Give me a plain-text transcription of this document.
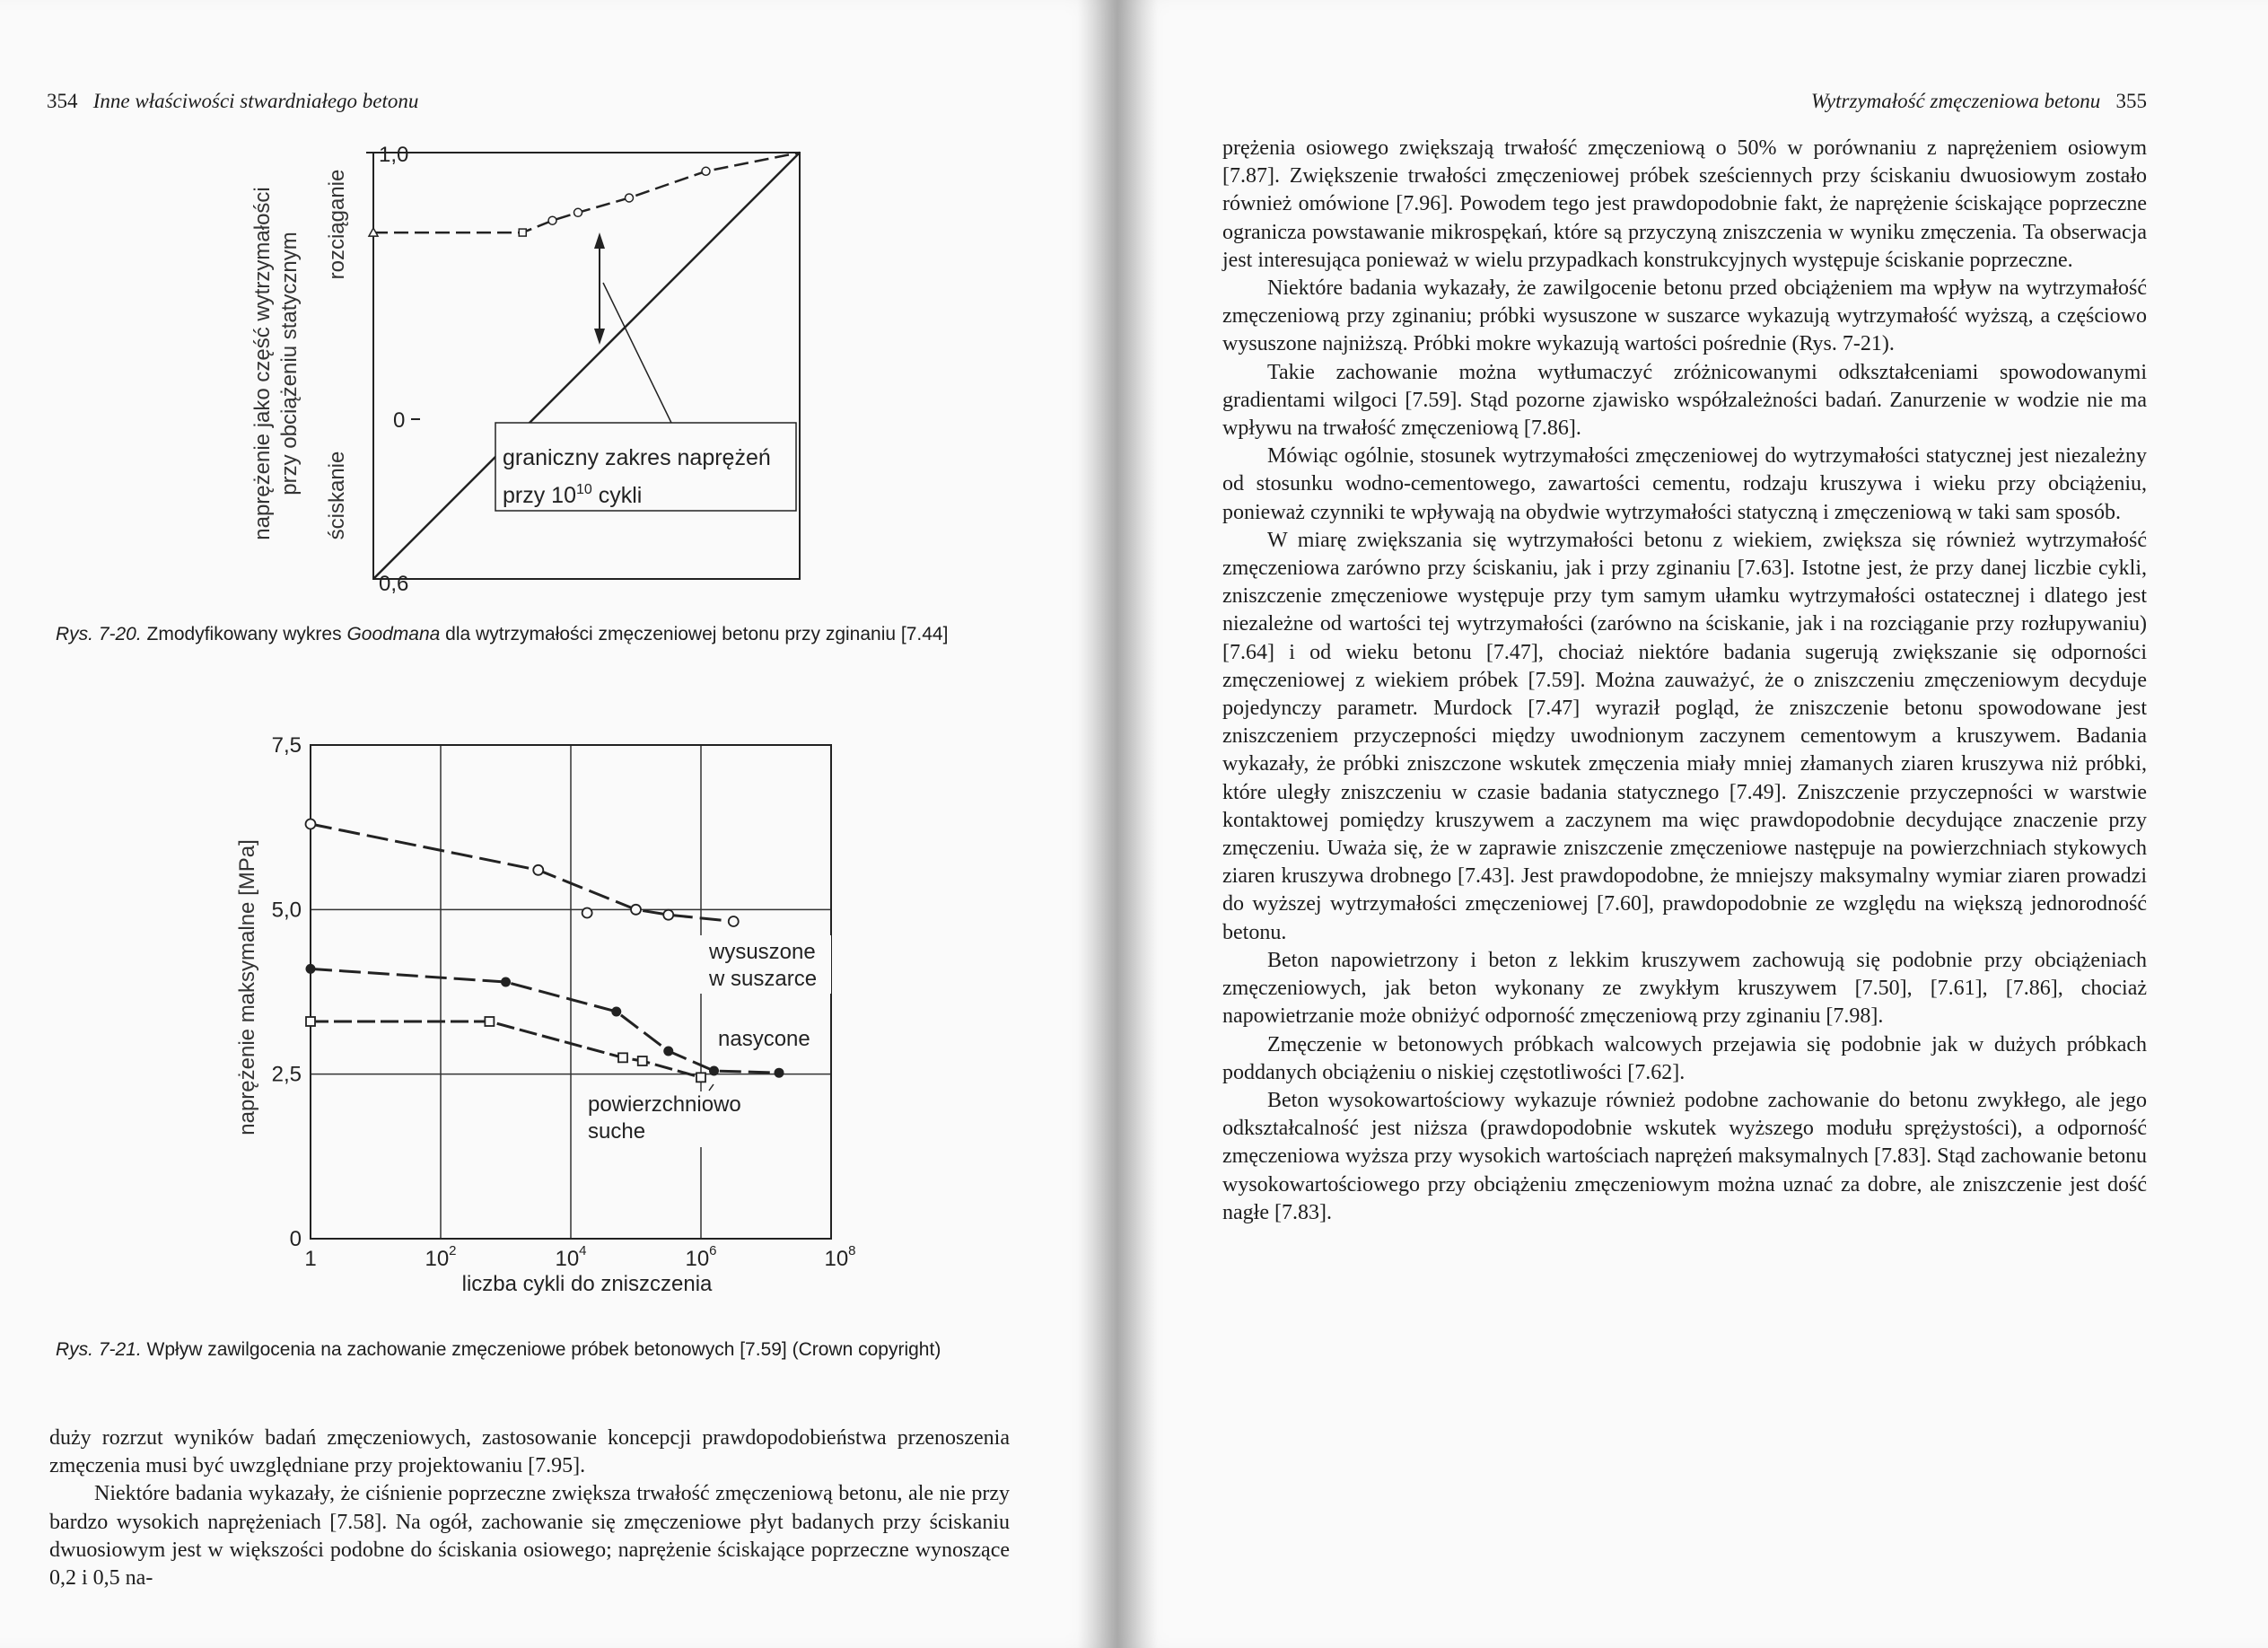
354 Inne właściwości stwardniałego betonu	Wytrzymałość zmęczeniowa betonu 355
naprężenie jako część wytrzymałości przy obciążeniu statycznym
rozciąganie
ściskanie
1,0
0
0,6
graniczny zakres naprężeń
przy $10^{10}$ cykli
Rys. 7-20. Zmodyfikowany wykres Goodmana dla wytrzymałości zmęczeniowej betonu przy zginaniu [7.44]
naprężenie maksymalne [MPa]
liczba cykli do zniszczenia
wysuszone
w suszarce
nasycone
powierzchniowo
suche
7,5
5,0
2,5
0
1	$10^2$	$10^4$	$10^6$	$10^8$
Rys. 7-21. Wpływ zawilgocenia na zachowanie zmęczeniowe próbek betonowych [7.59] (Crown copyright)

duży rozrzut wyników badań zmęczeniowych, zastosowanie koncepcji prawdopodobieństwa przenoszenia zmęczenia musi być uwzględniane przy projektowaniu [7.95].

Niektóre badania wykazały, że ciśnienie poprzeczne zwiększa trwałość zmęczeniową betonu, ale nie przy bardzo wysokich naprężeniach [7.58]. Na ogół, zachowanie się zmęczeniowe płyt badanych przy ściskaniu dwuosiowym jest w większości podobne do ściskania osiowego; naprężenie ściskające poprzeczne wynoszące 0,2 i 0,5 na-

prężenia osiowego zwiększają trwałość zmęczeniową o 50% w porównaniu z naprężeniem osiowym [7.87]. Zwiększenie trwałości zmęczeniowej próbek sześciennych przy ściskaniu dwuosiowym zostało również omówione [7.96]. Powodem tego jest prawdopodobnie fakt, że naprężenie ściskające poprzeczne ogranicza powstawanie mikrospękań, które są przyczyną zniszczenia w wyniku zmęczenia. Ta obserwacja jest interesująca ponieważ w wielu przypadkach konstrukcyjnych występuje ściskanie poprzeczne.

Niektóre badania wykazały, że zawilgocenie betonu przed obciążeniem ma wpływ na wytrzymałość zmęczeniową przy zginaniu; próbki wysuszone w suszarce wykazują wytrzymałość wyższą, a częściowo wysuszone najniższą. Próbki mokre wykazują wartości pośrednie (Rys. 7-21).

Takie zachowanie można wytłumaczyć zróżnicowanymi odkształceniami spowodowanymi gradientami wilgoci [7.59]. Stąd pozorne zjawisko współzależności badań. Zanurzenie w wodzie nie ma wpływu na trwałość zmęczeniową [7.86].

Mówiąc ogólnie, stosunek wytrzymałości zmęczeniowej do wytrzymałości statycznej jest niezależny od stosunku wodno-cementowego, zawartości cementu, rodzaju kruszywa i wieku przy obciążeniu, ponieważ czynniki te wpływają na obydwie wytrzymałości statyczną i zmęczeniową w taki sam sposób.

W miarę zwiększania się wytrzymałości betonu z wiekiem, zwiększa się również wytrzymałość zmęczeniowa zarówno przy ściskaniu, jak i przy zginaniu [7.63]. Istotne jest, że przy danej liczbie cykli, zniszczenie zmęczeniowe występuje przy tym samym ułamku wytrzymałości ostatecznej i dlatego jest niezależne od wartości tej wytrzymałości (zarówno na ściskanie, jak i na rozciąganie przy rozłupywaniu) [7.64] i od wieku betonu [7.47], chociaż niektóre badania sugerują zwiększanie się odporności zmęczeniowej z wiekiem próbek [7.59]. Można zauważyć, że o zniszczeniu zmęczeniowym decyduje pojedynczy parametr. Murdock [7.47] wyraził pogląd, że zniszczenie betonu spowodowane jest zniszczeniem przyczepności między uwodnionym zaczynem cementowym a kruszywem. Badania wykazały, że próbki zniszczone wskutek zmęczenia miały mniej złamanych ziaren kruszywa niż próbki, które uległy zniszczeniu w czasie badania statycznego [7.49]. Zniszczenie przyczepności w warstwie kontaktowej pomiędzy kruszywem a zaczynem ma więc prawdopodobnie decydujące znaczenie przy zmęczeniu. Uważa się, że w zaprawie zniszczenie zmęczeniowe następuje na powierzchniach stykowych ziaren kruszywa drobnego [7.43]. Jest prawdopodobne, że mniejszy maksymalny wymiar ziaren prowadzi do wyższej wytrzymałości zmęczeniowej [7.60], prawdopodobnie ze względu na większą jednorodność betonu.

Beton napowietrzony i beton z lekkim kruszywem zachowują się podobnie przy obciążeniach zmęczeniowych, jak beton wykonany ze zwykłym kruszywem [7.50], [7.61], [7.86], chociaż napowietrzanie może obniżyć odporność zmęczeniową przy zginaniu [7.98].

Zmęczenie w betonowych próbkach walcowych przejawia się podobnie jak w dużych próbkach poddanych obciążeniu o niskiej częstotliwości [7.62].

Beton wysokowartościowy wykazuje również podobne zachowanie do betonu zwykłego, ale jego odkształcalność jest niższa (prawdopodobnie wskutek wyższego modułu sprężystości), a odporność zmęczeniowa wyższa przy wysokich wartościach naprężeń maksymalnych [7.83]. Stąd zachowanie betonu wysokowartościowego przy obciążeniu zmęczeniowym można uznać za dobre, ale zniszczenie jest dość nagłe [7.83].
